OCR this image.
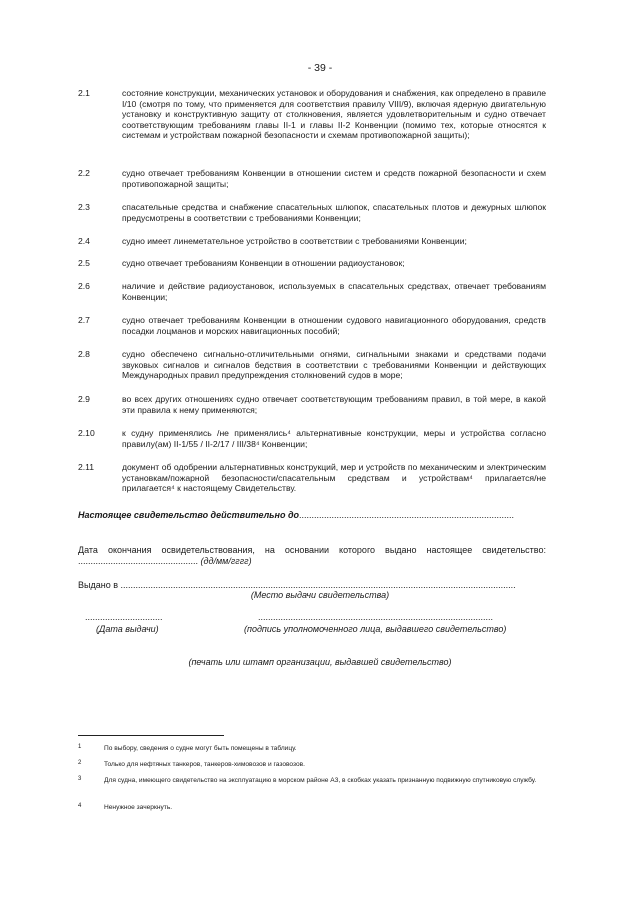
- 39 -
2.1	состояние конструкции, механических установок и оборудования и снабжения, как определено в правиле I/10 (смотря по тому, что применяется для соответствия правилу VIII/9), включая ядерную двигательную установку и конструктивную защиту от столкновения, является удовлетворительным и судно отвечает соответствующим требованиям главы II-1 и главы II-2 Конвенции (помимо тех, которые относятся к системам и устройствам пожарной безопасности и схемам противопожарной защиты);
2.2	судно отвечает требованиям Конвенции в отношении систем и средств пожарной безопасности и схем противопожарной защиты;
2.3	спасательные средства и снабжение спасательных шлюпок, спасательных плотов и дежурных шлюпок предусмотрены в соответствии с требованиями Конвенции;
2.4	судно имеет линеметательное устройство в соответствии с требованиями Конвенции;
2.5	судно отвечает требованиям Конвенции в отношении радиоустановок;
2.6	наличие и действие радиоустановок, используемых в спасательных средствах, отвечает требованиям Конвенции;
2.7	судно отвечает требованиям Конвенции в отношении судового навигационного оборудования, средств посадки лоцманов и морских навигационных пособий;
2.8	судно обеспечено сигнально-отличительными огнями, сигнальными знаками и средствами подачи звуковых сигналов и сигналов бедствия в соответствии с требованиями Конвенции и действующих Международных правил предупреждения столкновений судов в море;
2.9	во всех других отношениях судно отвечает соответствующим требованиям правил, в той мере, в какой эти правила к нему применяются;
2.10	к судну применялись /не применялись⁴ альтернативные конструкции, меры и устройства согласно правилу(ам) II-1/55 / II-2/17 / III/38⁴ Конвенции;
2.11	документ об одобрении альтернативных конструкций, мер и устройств по механическим и электрическим установкам/пожарной безопасности/спасательным средствам и устройствам⁴ прилагается/не прилагается⁴ к настоящему Свидетельству.
Настоящее свидетельство действительно до......................................................................................
Дата окончания освидетельствования, на основании которого выдано настоящее свидетельство: ................................................ (дд/мм/гггг)
Выдано в ..............................................................................................................................................................
(Место выдачи свидетельства)
...............................	..............................................................................................
(Дата выдачи)	(подпись уполномоченного лица, выдавшего свидетельство)
(печать или штамп организации, выдавшей свидетельство)
1	По выбору, сведения о судне могут быть помещены в таблицу.
2	Только для нефтяных танкеров, танкеров-химовозов и газовозов.
3	Для судна, имеющего свидетельство на эксплуатацию в морском районе А3, в скобках указать признанную подвижную спутниковую службу.
4	Ненужное зачеркнуть.
